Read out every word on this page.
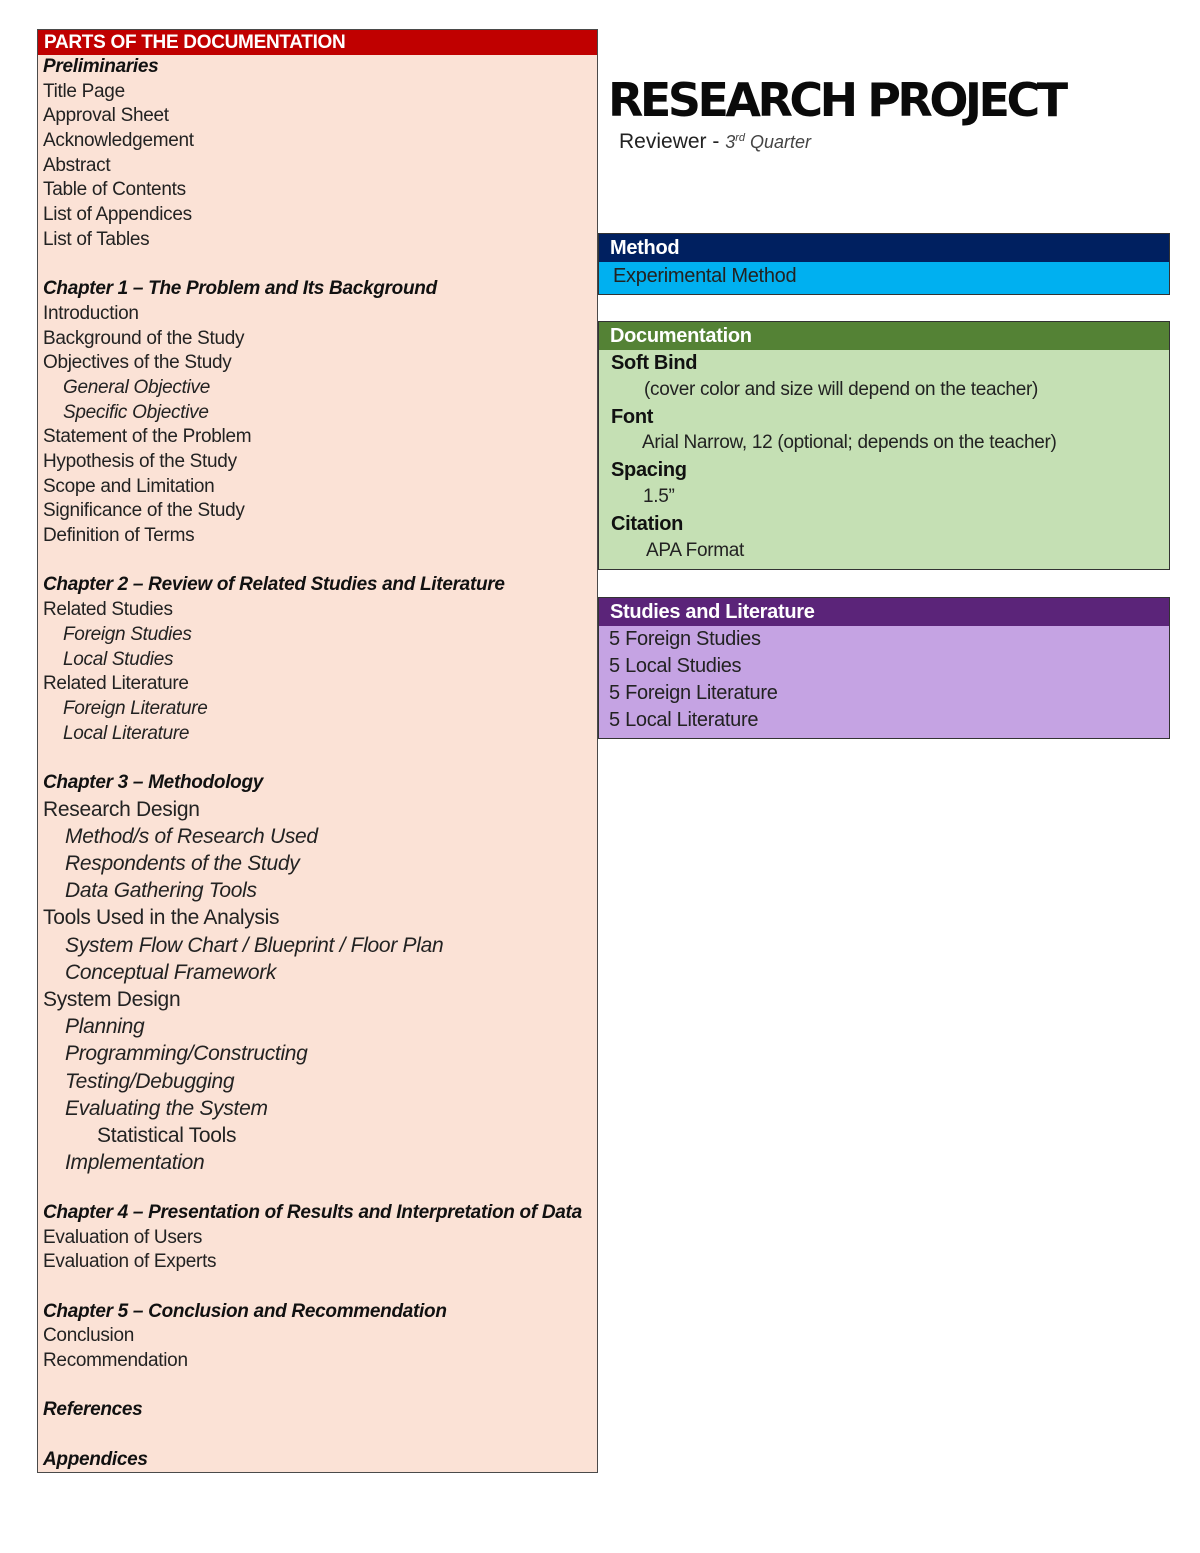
PARTS OF THE DOCUMENTATION
Preliminaries
Title Page
Approval Sheet
Acknowledgement
Abstract
Table of Contents
List of Appendices
List of Tables
Chapter 1 – The Problem and Its Background
Introduction
Background of the Study
Objectives of the Study
General Objective
Specific Objective
Statement of the Problem
Hypothesis of the Study
Scope and Limitation
Significance of the Study
Definition of Terms
Chapter 2 – Review of Related Studies and Literature
Related Studies
Foreign Studies
Local Studies
Related Literature
Foreign Literature
Local Literature
Chapter 3 – Methodology
Research Design
Method/s of Research Used
Respondents of the Study
Data Gathering Tools
Tools Used in the Analysis
System Flow Chart / Blueprint / Floor Plan
Conceptual Framework
System Design
Planning
Programming/Constructing
Testing/Debugging
Evaluating the System
Statistical Tools
Implementation
Chapter 4 – Presentation of Results and Interpretation of Data
Evaluation of Users
Evaluation of Experts
Chapter 5 – Conclusion and Recommendation
Conclusion
Recommendation
References
Appendices
RESEARCH PROJECT
Reviewer - 3rd Quarter
Method
Experimental Method
Documentation
Soft Bind
(cover color and size will depend on the teacher)
Font
Arial Narrow, 12 (optional; depends on the teacher)
Spacing
1.5”
Citation
APA Format
Studies and Literature
5 Foreign Studies
5 Local Studies
5 Foreign Literature
5 Local Literature
